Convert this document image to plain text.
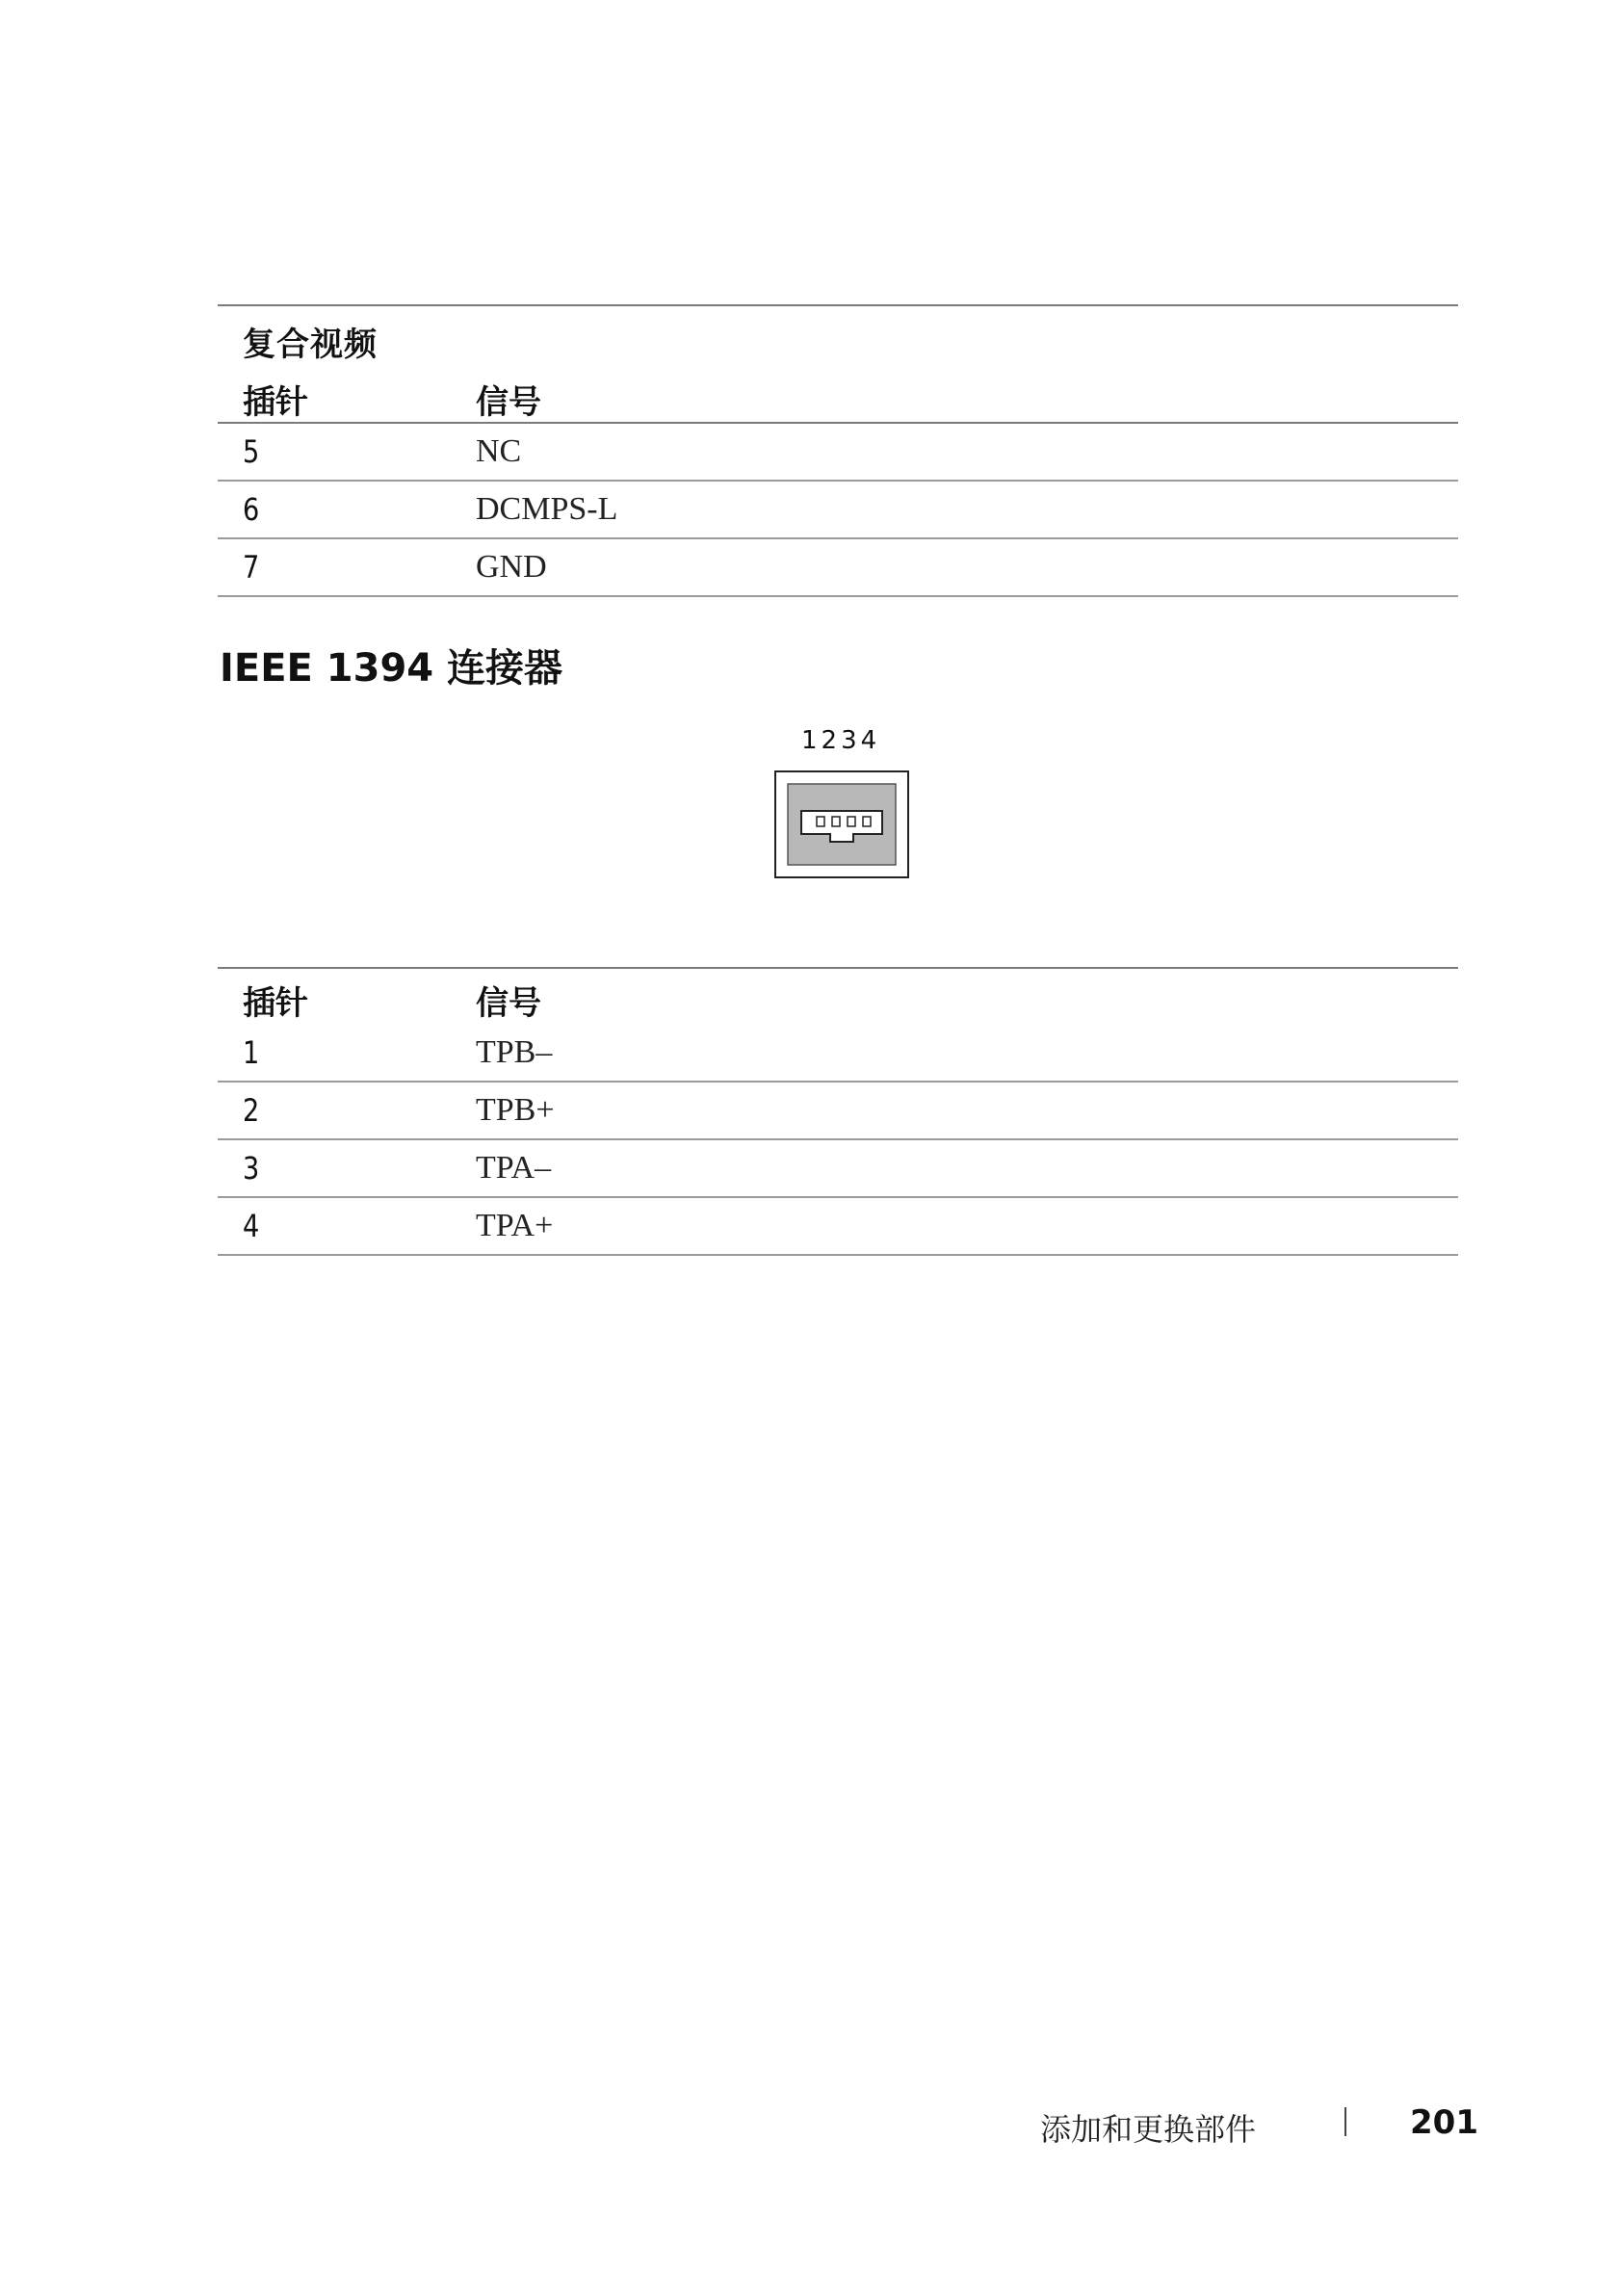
复合视频
插针	信号
5	NC
6	DCMPS-L
7	GND
IEEE 1394 连接器
1234
插针	信号
1	TPB–
2	TPB+
3	TPA–
4	TPA+
添加和更换部件	201
